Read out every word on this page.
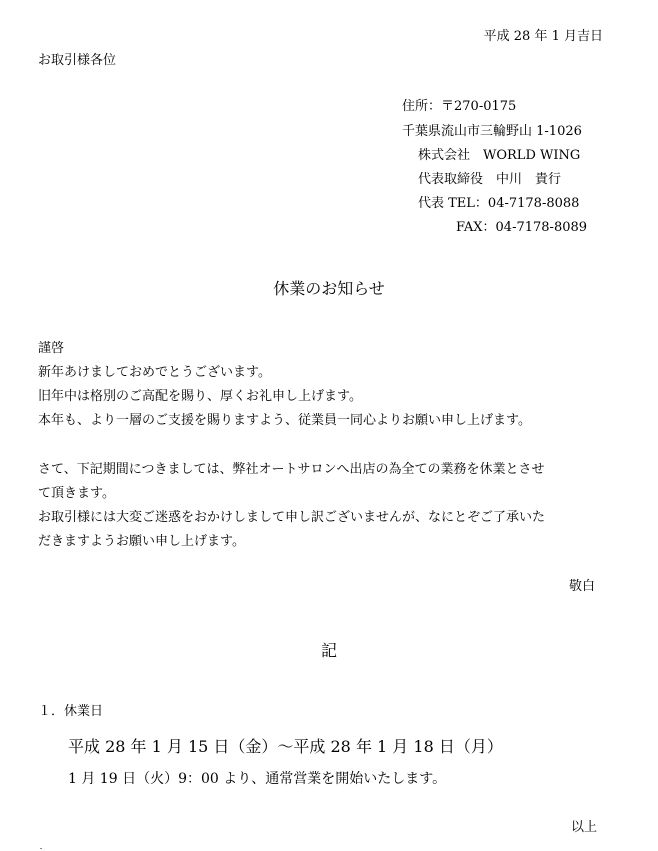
平成 28 年 1 月吉日
お取引様各位
住所：〒270-0175
千葉県流山市三輪野山 1-1026
株式会社　WORLD WING
代表取締役　中川　貴行
代表 TEL：04-7178-8088
FAX：04-7178-8089
休業のお知らせ
謹啓
新年あけましておめでとうございます。
旧年中は格別のご高配を賜り、厚くお礼申し上げます。
本年も、より一層のご支援を賜りますよう、従業員一同心よりお願い申し上げます。
さて、下記期間につきましては、弊社オートサロンへ出店の為全ての業務を休業とさせ
て頂きます。
お取引様には大変ご迷惑をおかけしまして申し訳ございませんが、なにとぞご了承いた
だきますようお願い申し上げます。
敬白
記
１．休業日
平成 28 年 1 月 15 日（金）～平成 28 年 1 月 18 日（月）
1 月 19 日（火）9：00 より、通常営業を開始いたします。
以上
